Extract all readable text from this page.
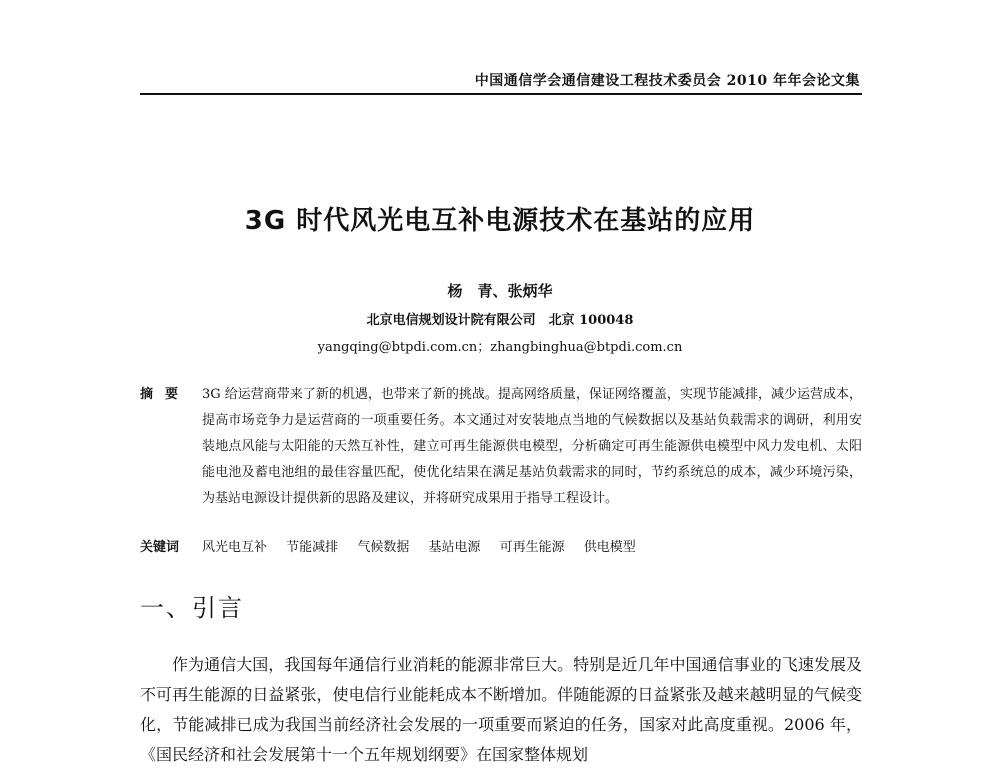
中国通信学会通信建设工程技术委员会 2010 年年会论文集
3G 时代风光电互补电源技术在基站的应用
杨　青、张炳华
北京电信规划设计院有限公司　北京 100048
yangqing@btpdi.com.cn；zhangbinghua@btpdi.com.cn
摘要 3G 给运营商带来了新的机遇，也带来了新的挑战。提高网络质量，保证网络覆盖，实现节能减排，减少运营成本，提高市场竞争力是运营商的一项重要任务。本文通过对安装地点当地的气候数据以及基站负载需求的调研，利用安装地点风能与太阳能的天然互补性，建立可再生能源供电模型，分析确定可再生能源供电模型中风力发电机、太阳能电池及蓄电池组的最佳容量匹配，使优化结果在满足基站负载需求的同时，节约系统总的成本，减少环境污染，为基站电源设计提供新的思路及建议，并将研究成果用于指导工程设计。
关键词	风光电互补 节能减排 气候数据 基站电源 可再生能源 供电模型
一、引言

作为通信大国，我国每年通信行业消耗的能源非常巨大。特别是近几年中国通信事业的飞速发展及不可再生能源的日益紧张，使电信行业能耗成本不断增加。伴随能源的日益紧张及越来越明显的气候变化，节能减排已成为我国当前经济社会发展的一项重要而紧迫的任务，国家对此高度重视。2006 年，《国民经济和社会发展第十一个五年规划纲要》在国家整体规划
